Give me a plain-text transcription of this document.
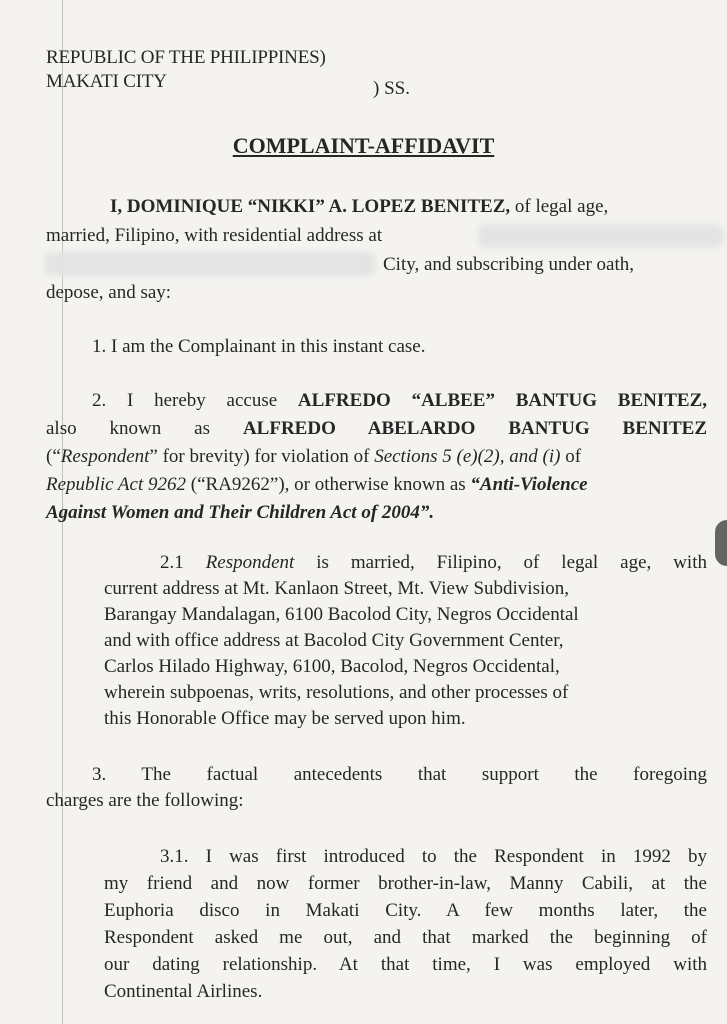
REPUBLIC OF THE PHILIPPINES)
MAKATI CITY	) SS.
COMPLAINT-AFFIDAVIT
I, DOMINIQUE “NIKKI” A. LOPEZ BENITEZ, of legal age,
married, Filipino, with residential address at
City, and subscribing under oath,
depose, and say:
1. I am the Complainant in this instant case.
2. I hereby accuse ALFREDO “ALBEE” BANTUG BENITEZ,
also known as ALFREDO ABELARDO BANTUG BENITEZ
(“Respondent” for brevity) for violation of Sections 5 (e)(2), and (i) of
Republic Act 9262 (“RA9262”), or otherwise known as “Anti-Violence
Against Women and Their Children Act of 2004”.
2.1 Respondent is married, Filipino, of legal age, with
current address at Mt. Kanlaon Street, Mt. View Subdivision,
Barangay Mandalagan, 6100 Bacolod City, Negros Occidental
and with office address at Bacolod City Government Center,
Carlos Hilado Highway, 6100, Bacolod, Negros Occidental,
wherein subpoenas, writs, resolutions, and other processes of
this Honorable Office may be served upon him.
3. The factual antecedents that support the foregoing
charges are the following:
3.1. I was first introduced to the Respondent in 1992 by
my friend and now former brother-in-law, Manny Cabili, at the
Euphoria disco in Makati City. A few months later, the
Respondent asked me out, and that marked the beginning of
our dating relationship. At that time, I was employed with
Continental Airlines.
